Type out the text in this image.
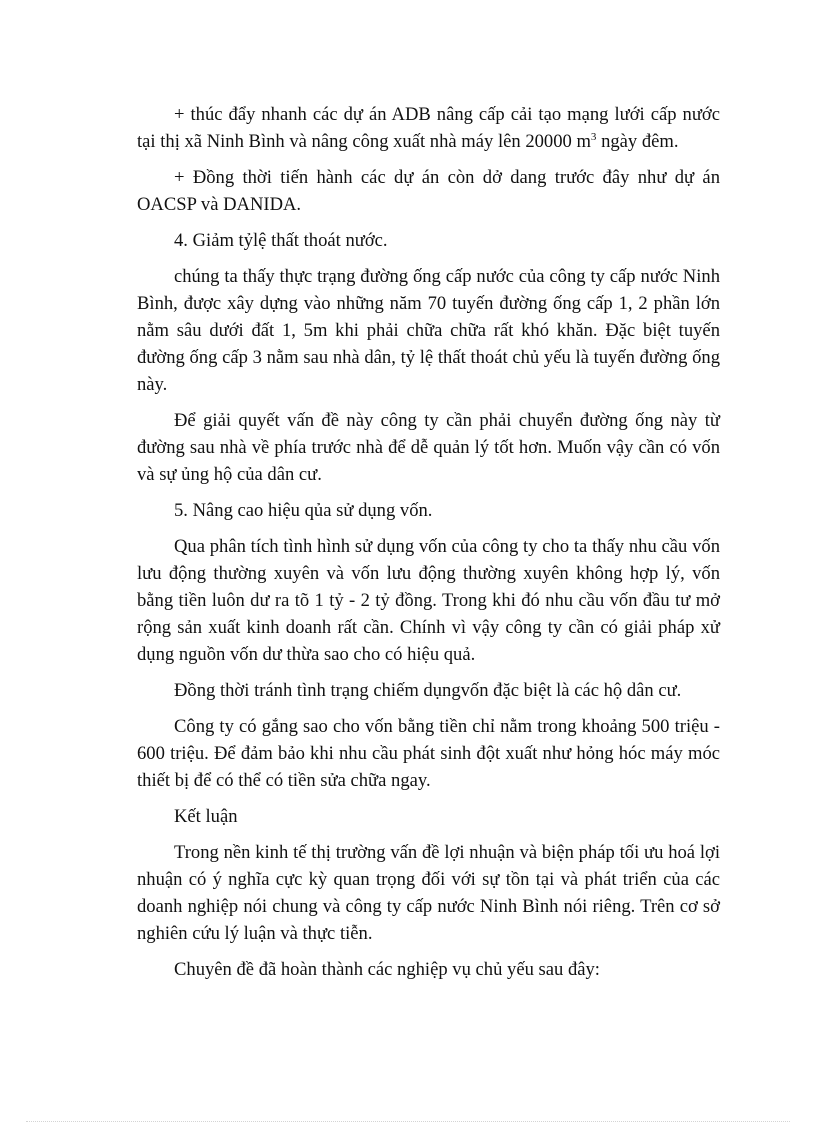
+ thúc đẩy nhanh các dự án ADB nâng cấp cải tạo mạng lưới cấp nước tại thị xã Ninh Bình và nâng công xuất nhà máy lên 20000 $m^3$ ngày đêm.

+ Đồng thời tiến hành các dự án còn dở dang trước đây như dự án OACSP và DANIDA.

4. Giảm tỷlệ thất thoát nước.

chúng ta thấy thực trạng đường ống cấp nước của công ty cấp nước Ninh Bình, được xây dựng vào những năm 70 tuyến đường ống cấp 1, 2 phần lớn nằm sâu dưới đất 1, 5m khi phải chữa chữa rất khó khăn. Đặc biệt tuyến đường ống cấp 3 nằm sau nhà dân, tỷ lệ thất thoát chủ yếu là tuyến đường ống này.

Để giải quyết vấn đề này công ty cần phải chuyển đường ống này từ đường sau nhà về phía trước nhà để dễ quản lý tốt hơn. Muốn vậy cần có vốn và sự ủng hộ của dân cư.

5. Nâng cao hiệu qủa sử dụng vốn.

Qua phân tích tình hình sử dụng vốn của công ty cho ta thấy nhu cầu vốn lưu động thường xuyên và vốn lưu động thường xuyên không hợp lý, vốn bằng tiền luôn dư ra tõ 1 tỷ - 2 tỷ đồng. Trong khi đó nhu cầu vốn đầu tư mở rộng sản xuất kinh doanh rất cần. Chính vì vậy công ty cần có giải pháp xử dụng nguồn vốn dư thừa sao cho có hiệu quả.

Đồng thời tránh tình trạng chiếm dụngvốn đặc biệt là các hộ dân cư.

Công ty có gắng sao cho vốn bằng tiền chỉ nằm trong khoảng 500 triệu - 600 triệu. Để đảm bảo khi nhu cầu phát sinh đột xuất như hỏng hóc máy móc thiết bị để có thể có tiền sửa chữa ngay.

Kết luận

Trong nền kinh tế thị trường vấn đề lợi nhuận và biện pháp tối ưu hoá lợi nhuận có ý nghĩa cực kỳ quan trọng đối với sự tồn tại và phát triển của các doanh nghiệp nói chung và công ty cấp nước Ninh Bình nói riêng. Trên cơ sở nghiên cứu lý luận và thực tiễn.

Chuyên đề đã hoàn thành các nghiệp vụ chủ yếu sau đây:
